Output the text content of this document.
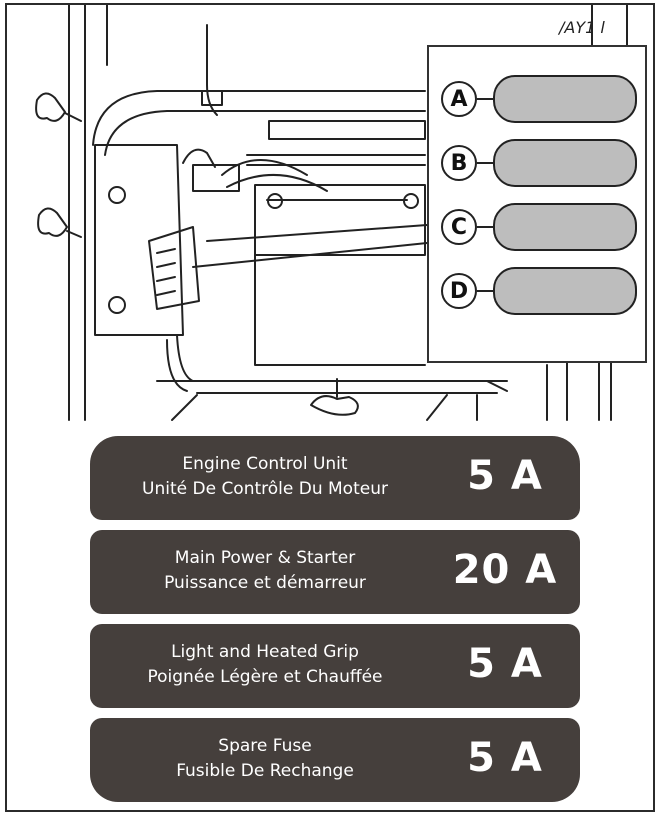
/AY1 l
A
B
C
D
Engine Control Unit
Unité De Contrôle Du Moteur	5 A
Main Power & Starter
Puissance et démarreur	20 A
Light and Heated Grip
Poignée Légère et Chauffée	5 A
Spare Fuse
Fusible De Rechange	5 A
